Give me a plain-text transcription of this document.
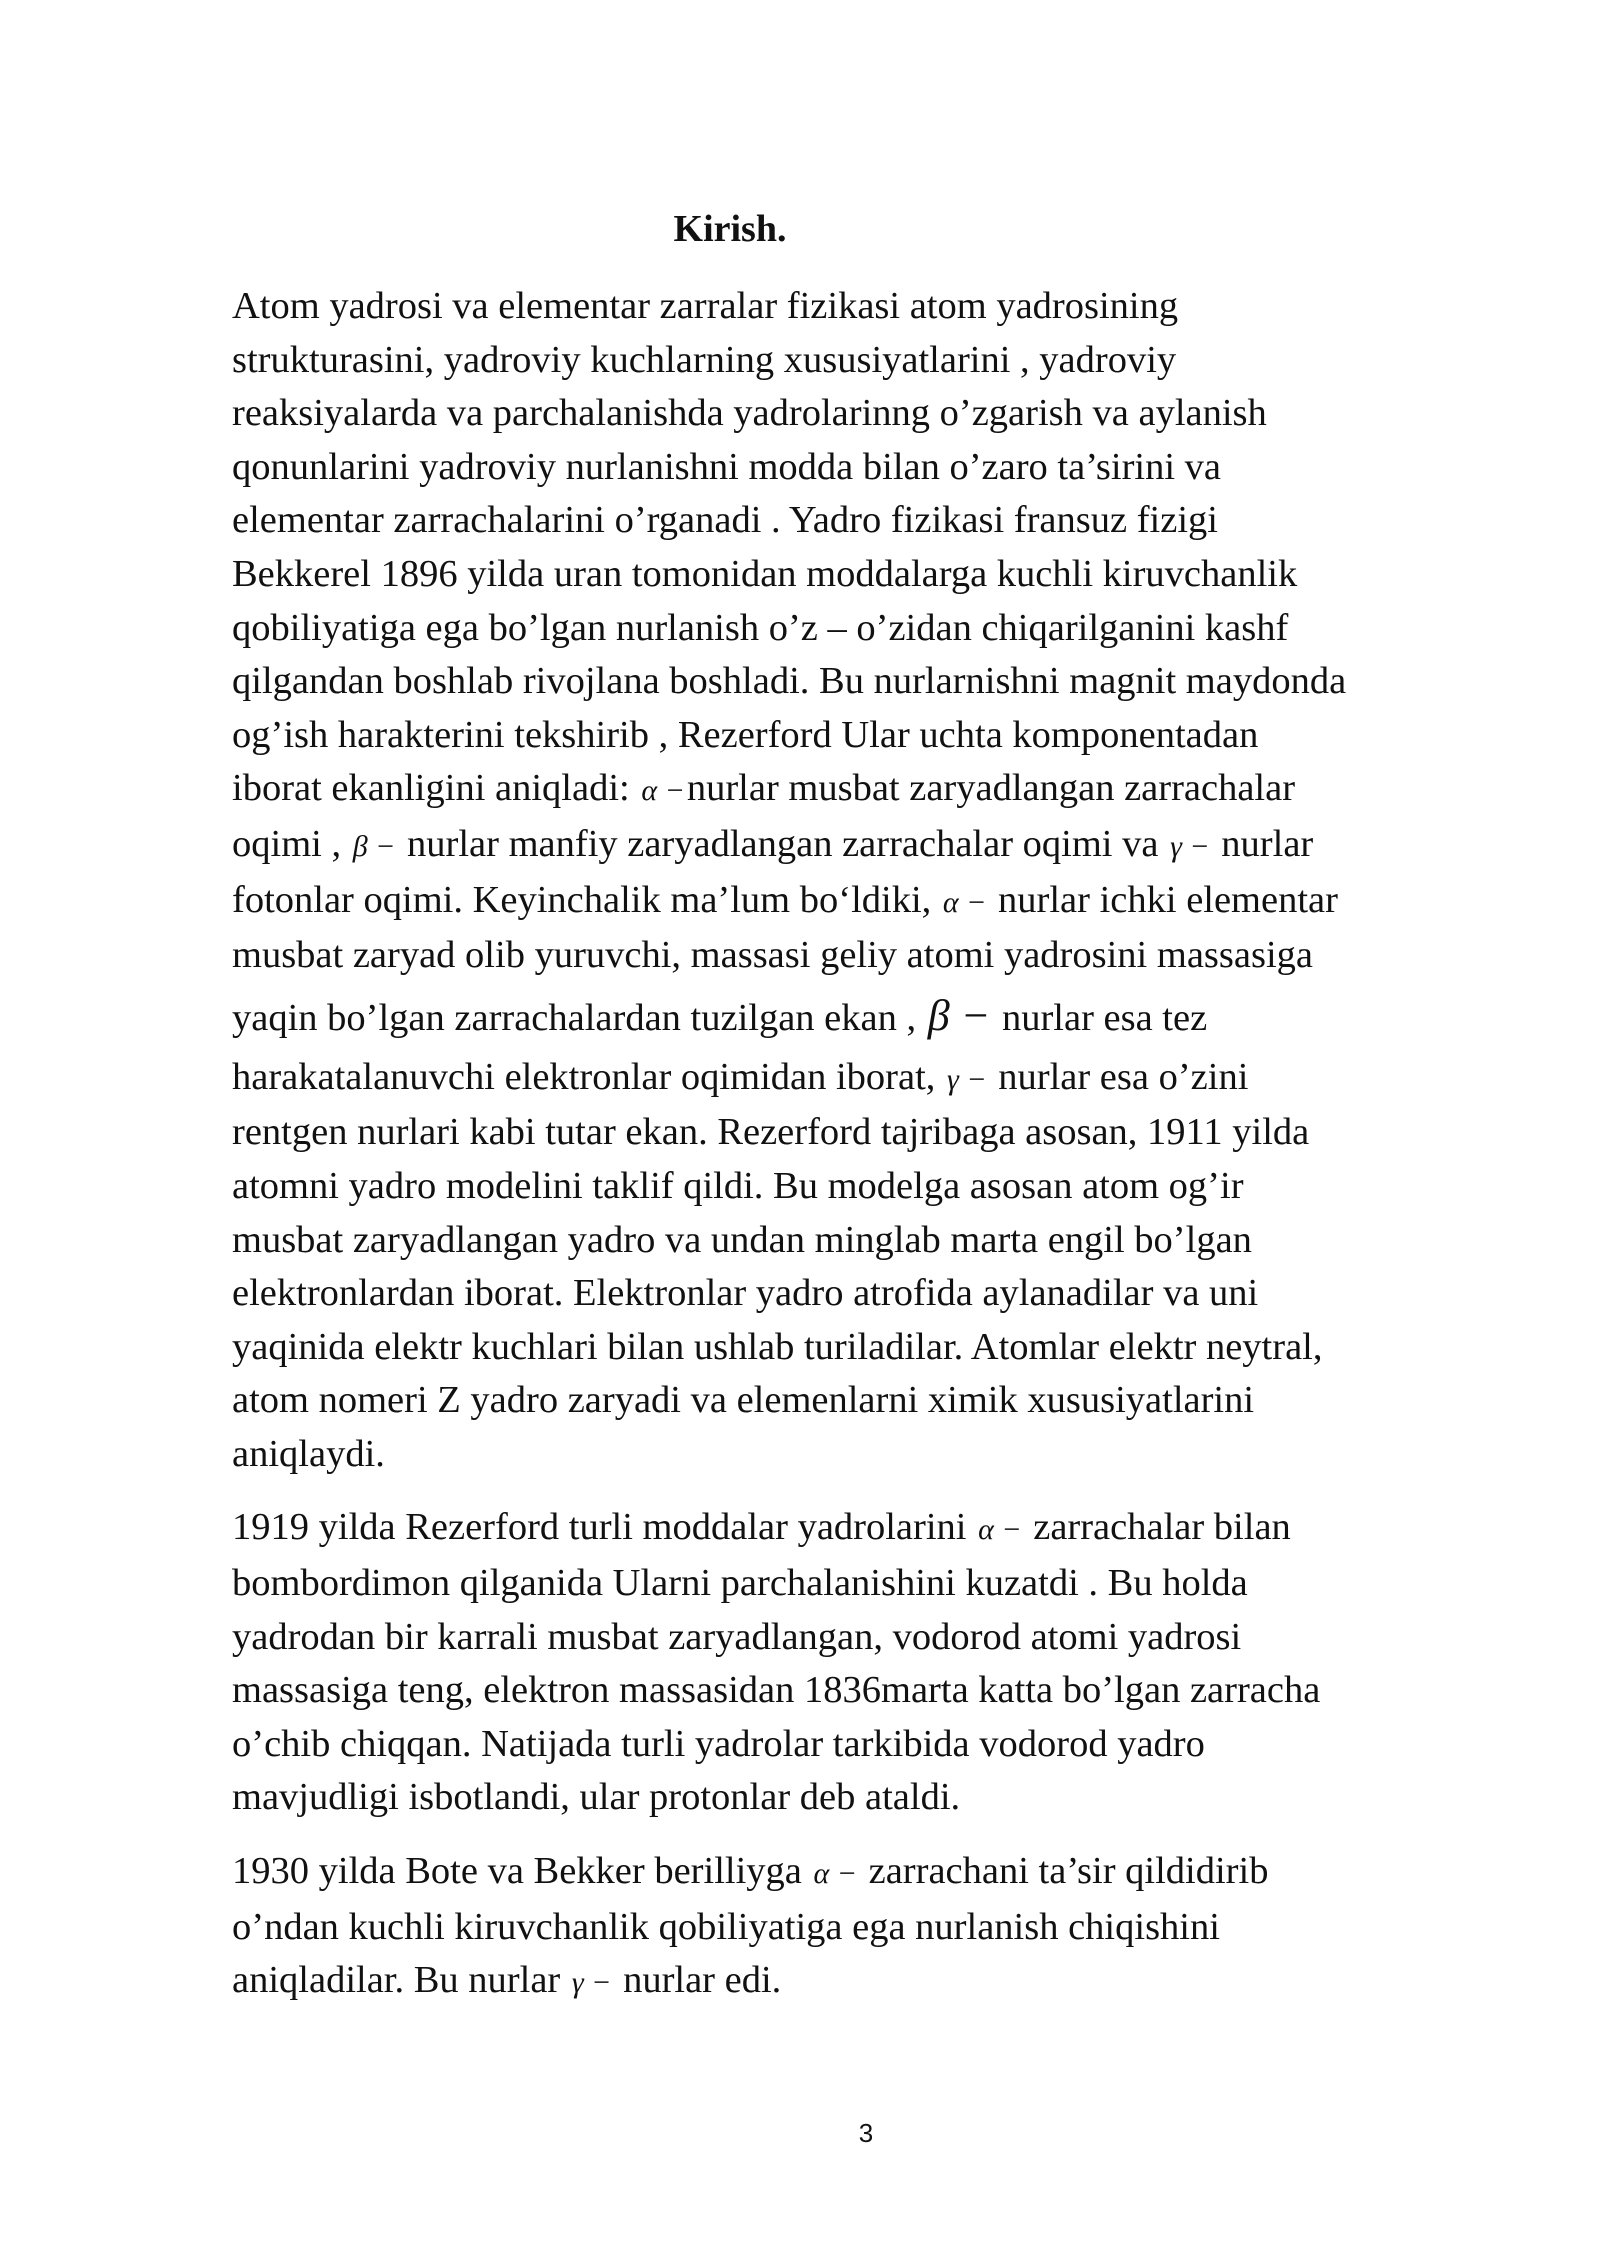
Kirish.
Atom yadrosi va elementar zarralar fizikasi atom yadrosining
strukturasini, yadroviy kuchlarning xususiyatlarini , yadroviy
reaksiyalarda va parchalanishda yadrolarinng o’zgarish va aylanish
qonunlarini yadroviy nurlanishni modda bilan o’zaro ta’sirini va
elementar zarrachalarini o’rganadi . Yadro fizikasi fransuz fizigi
Bekkerel 1896 yilda uran tomonidan moddalarga kuchli kiruvchanlik
qobiliyatiga ega bo’lgan nurlanish o’z – o’zidan chiqarilganini kashf
qilgandan boshlab rivojlana boshladi. Bu nurlarnishni magnit maydonda
og’ish harakterini tekshirib , Rezerford Ular uchta komponentadan
iborat ekanligini aniqladi: α −nurlar musbat zaryadlangan zarrachalar
oqimi , β − nurlar manfiy zaryadlangan zarrachalar oqimi va γ − nurlar
fotonlar oqimi. Keyinchalik ma’lum bo‘ldiki, α − nurlar ichki elementar
musbat zaryad olib yuruvchi, massasi geliy atomi yadrosini massasiga
yaqin bo’lgan zarrachalardan tuzilgan ekan , β − nurlar esa tez
harakatalanuvchi elektronlar oqimidan iborat, γ − nurlar esa o’zini
rentgen nurlari kabi tutar ekan. Rezerford tajribaga asosan, 1911 yilda
atomni yadro modelini taklif qildi. Bu modelga asosan atom og’ir
musbat zaryadlangan yadro va undan minglab marta engil bo’lgan
elektronlardan iborat. Elektronlar yadro atrofida aylanadilar va uni
yaqinida elektr kuchlari bilan ushlab turiladilar. Atomlar elektr neytral,
atom nomeri Z yadro zaryadi va elemenlarni ximik xususiyatlarini
aniqlaydi.
1919 yilda Rezerford turli moddalar yadrolarini α − zarrachalar bilan
bombordimon qilganida Ularni parchalanishini kuzatdi . Bu holda
yadrodan bir karrali musbat zaryadlangan, vodorod atomi yadrosi
massasiga teng, elektron massasidan 1836marta katta bo’lgan zarracha
o’chib chiqqan. Natijada turli yadrolar tarkibida vodorod yadro
mavjudligi isbotlandi, ular protonlar deb ataldi.
1930 yilda Bote va Bekker berilliyga α − zarrachani ta’sir qildidirib
o’ndan kuchli kiruvchanlik qobiliyatiga ega nurlanish chiqishini
aniqladilar. Bu nurlar γ − nurlar edi.
3
